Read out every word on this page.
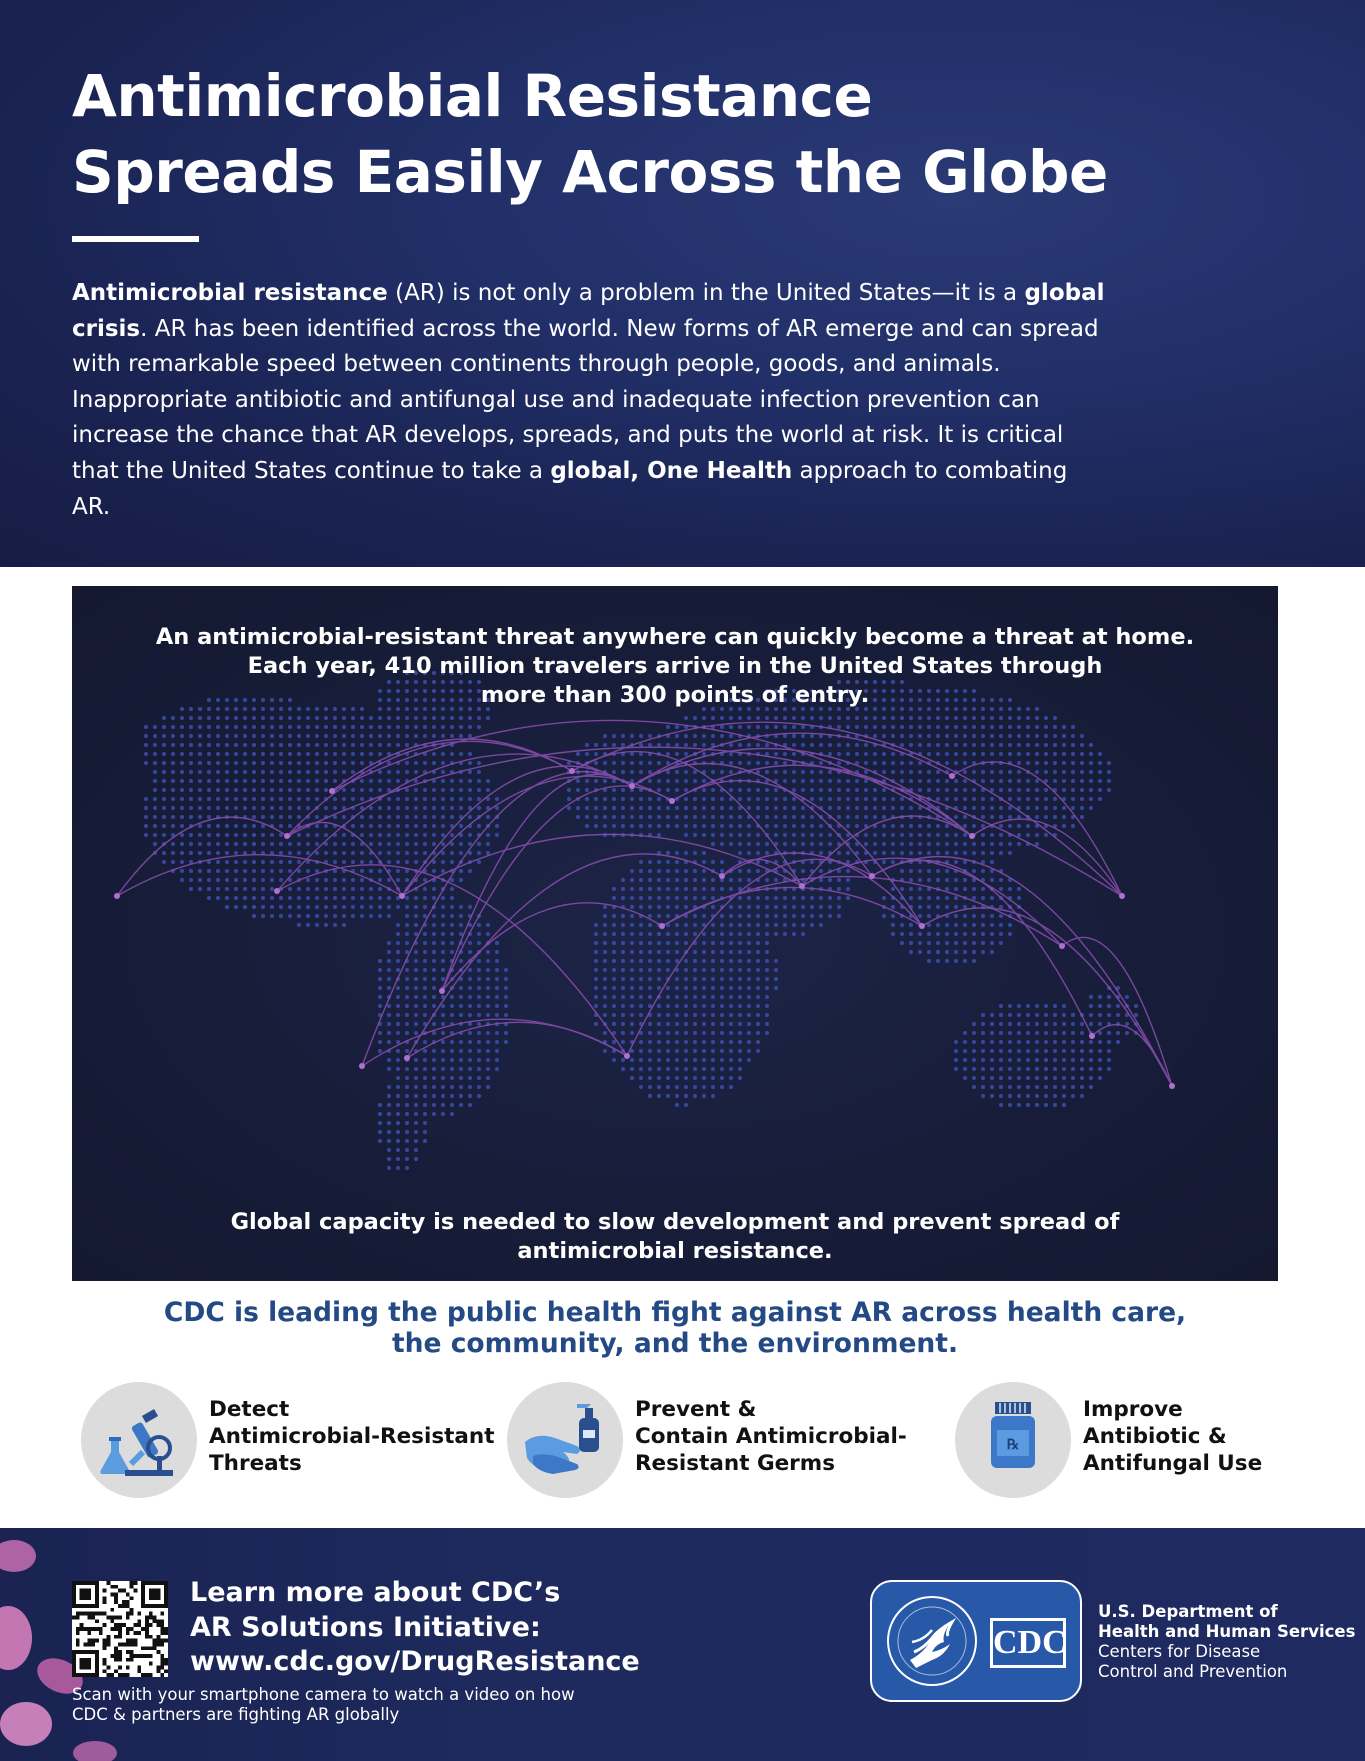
Antimicrobial Resistance
Spreads Easily Across the Globe

Antimicrobial resistance (AR) is not only a problem in the United States—it is a global crisis. AR has been identified across the world. New forms of AR emerge and can spread with remarkable speed between continents through people, goods, and animals. Inappropriate antibiotic and antifungal use and inadequate infection prevention can increase the chance that AR develops, spreads, and puts the world at risk. It is critical that the United States continue to take a global, One Health approach to combating AR.

An antimicrobial-resistant threat anywhere can quickly become a threat at home.
Each year, 410 million travelers arrive in the United States through
more than 300 points of entry.
Global capacity is needed to slow development and prevent spread of
antimicrobial resistance.
CDC is leading the public health fight against AR across health care,
the community, and the environment.
Detect
Antimicrobial-Resistant
Threats
Prevent &
Contain Antimicrobial-
Resistant Germs
℞
Improve
Antibiotic &
Antifungal Use
Learn more about CDC’s
AR Solutions Initiative:
www.cdc.gov/DrugResistance
Scan with your smartphone camera to watch a video on how
CDC & partners are fighting AR globally
CDC
U.S. Department of
Health and Human Services
Centers for Disease
Control and Prevention
